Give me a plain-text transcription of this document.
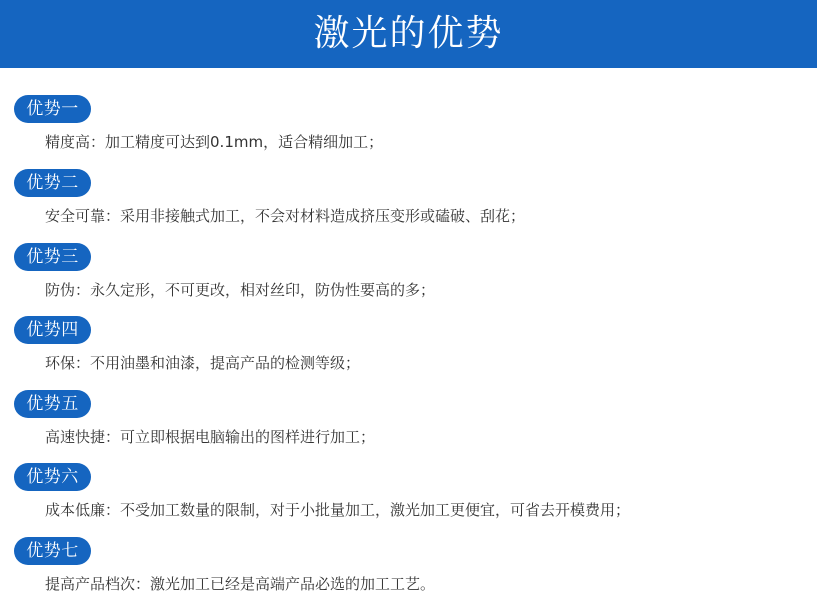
激光的优势
优势一
精度高：加工精度可达到0.1mm，适合精细加工；
优势二
安全可靠：采用非接触式加工，不会对材料造成挤压变形或磕破、刮花；
优势三
防伪：永久定形，不可更改，相对丝印，防伪性要高的多；
优势四
环保：不用油墨和油漆，提高产品的检测等级；
优势五
高速快捷：可立即根据电脑输出的图样进行加工；
优势六
成本低廉：不受加工数量的限制，对于小批量加工，激光加工更便宜，可省去开模费用；
优势七
提高产品档次：激光加工已经是高端产品必选的加工工艺。
